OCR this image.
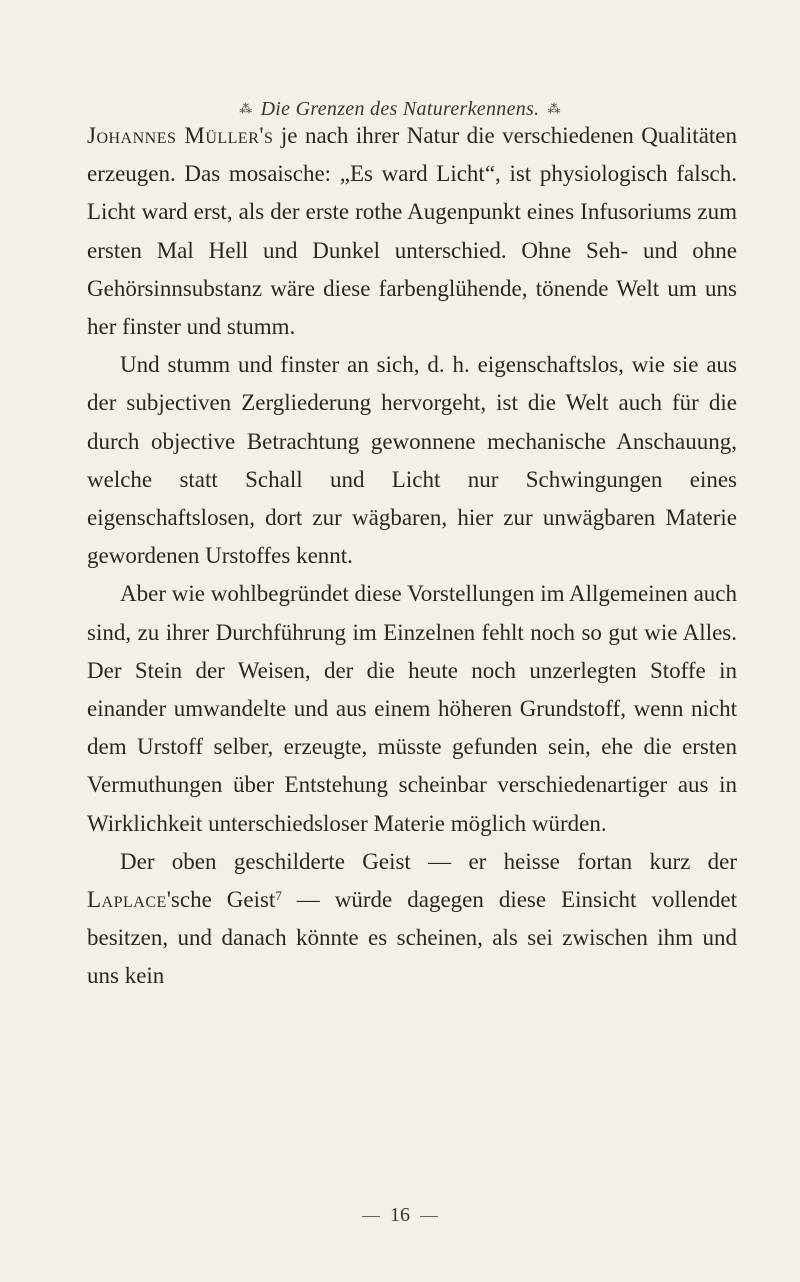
⁂ Die Grenzen des Naturerkennens. ⁂

Johannes Müller's je nach ihrer Natur die verschiedenen Qualitäten erzeugen. Das mosaische: „Es ward Licht“, ist physiologisch falsch. Licht ward erst, als der erste rothe Augenpunkt eines Infusoriums zum ersten Mal Hell und Dunkel unterschied. Ohne Seh- und ohne Gehörsinnsubstanz wäre diese farbenglühende, tönende Welt um uns her finster und stumm.

Und stumm und finster an sich, d. h. eigenschaftslos, wie sie aus der subjectiven Zergliederung hervorgeht, ist die Welt auch für die durch objective Betrachtung gewonnene mechanische Anschauung, welche statt Schall und Licht nur Schwingungen eines eigenschaftslosen, dort zur wägbaren, hier zur unwägbaren Materie gewordenen Urstoffes kennt.

Aber wie wohlbegründet diese Vorstellungen im Allgemeinen auch sind, zu ihrer Durchführung im Einzelnen fehlt noch so gut wie Alles. Der Stein der Weisen, der die heute noch unzerlegten Stoffe in einander umwandelte und aus einem höheren Grundstoff, wenn nicht dem Urstoff selber, erzeugte, müsste gefunden sein, ehe die ersten Vermuthungen über Entstehung scheinbar verschiedenartiger aus in Wirklichkeit unterschiedsloser Materie möglich würden.

Der oben geschilderte Geist — er heisse fortan kurz der Laplace'sche Geist$^7$ — würde dagegen diese Einsicht vollendet besitzen, und danach könnte es scheinen, als sei zwischen ihm und uns kein

16
